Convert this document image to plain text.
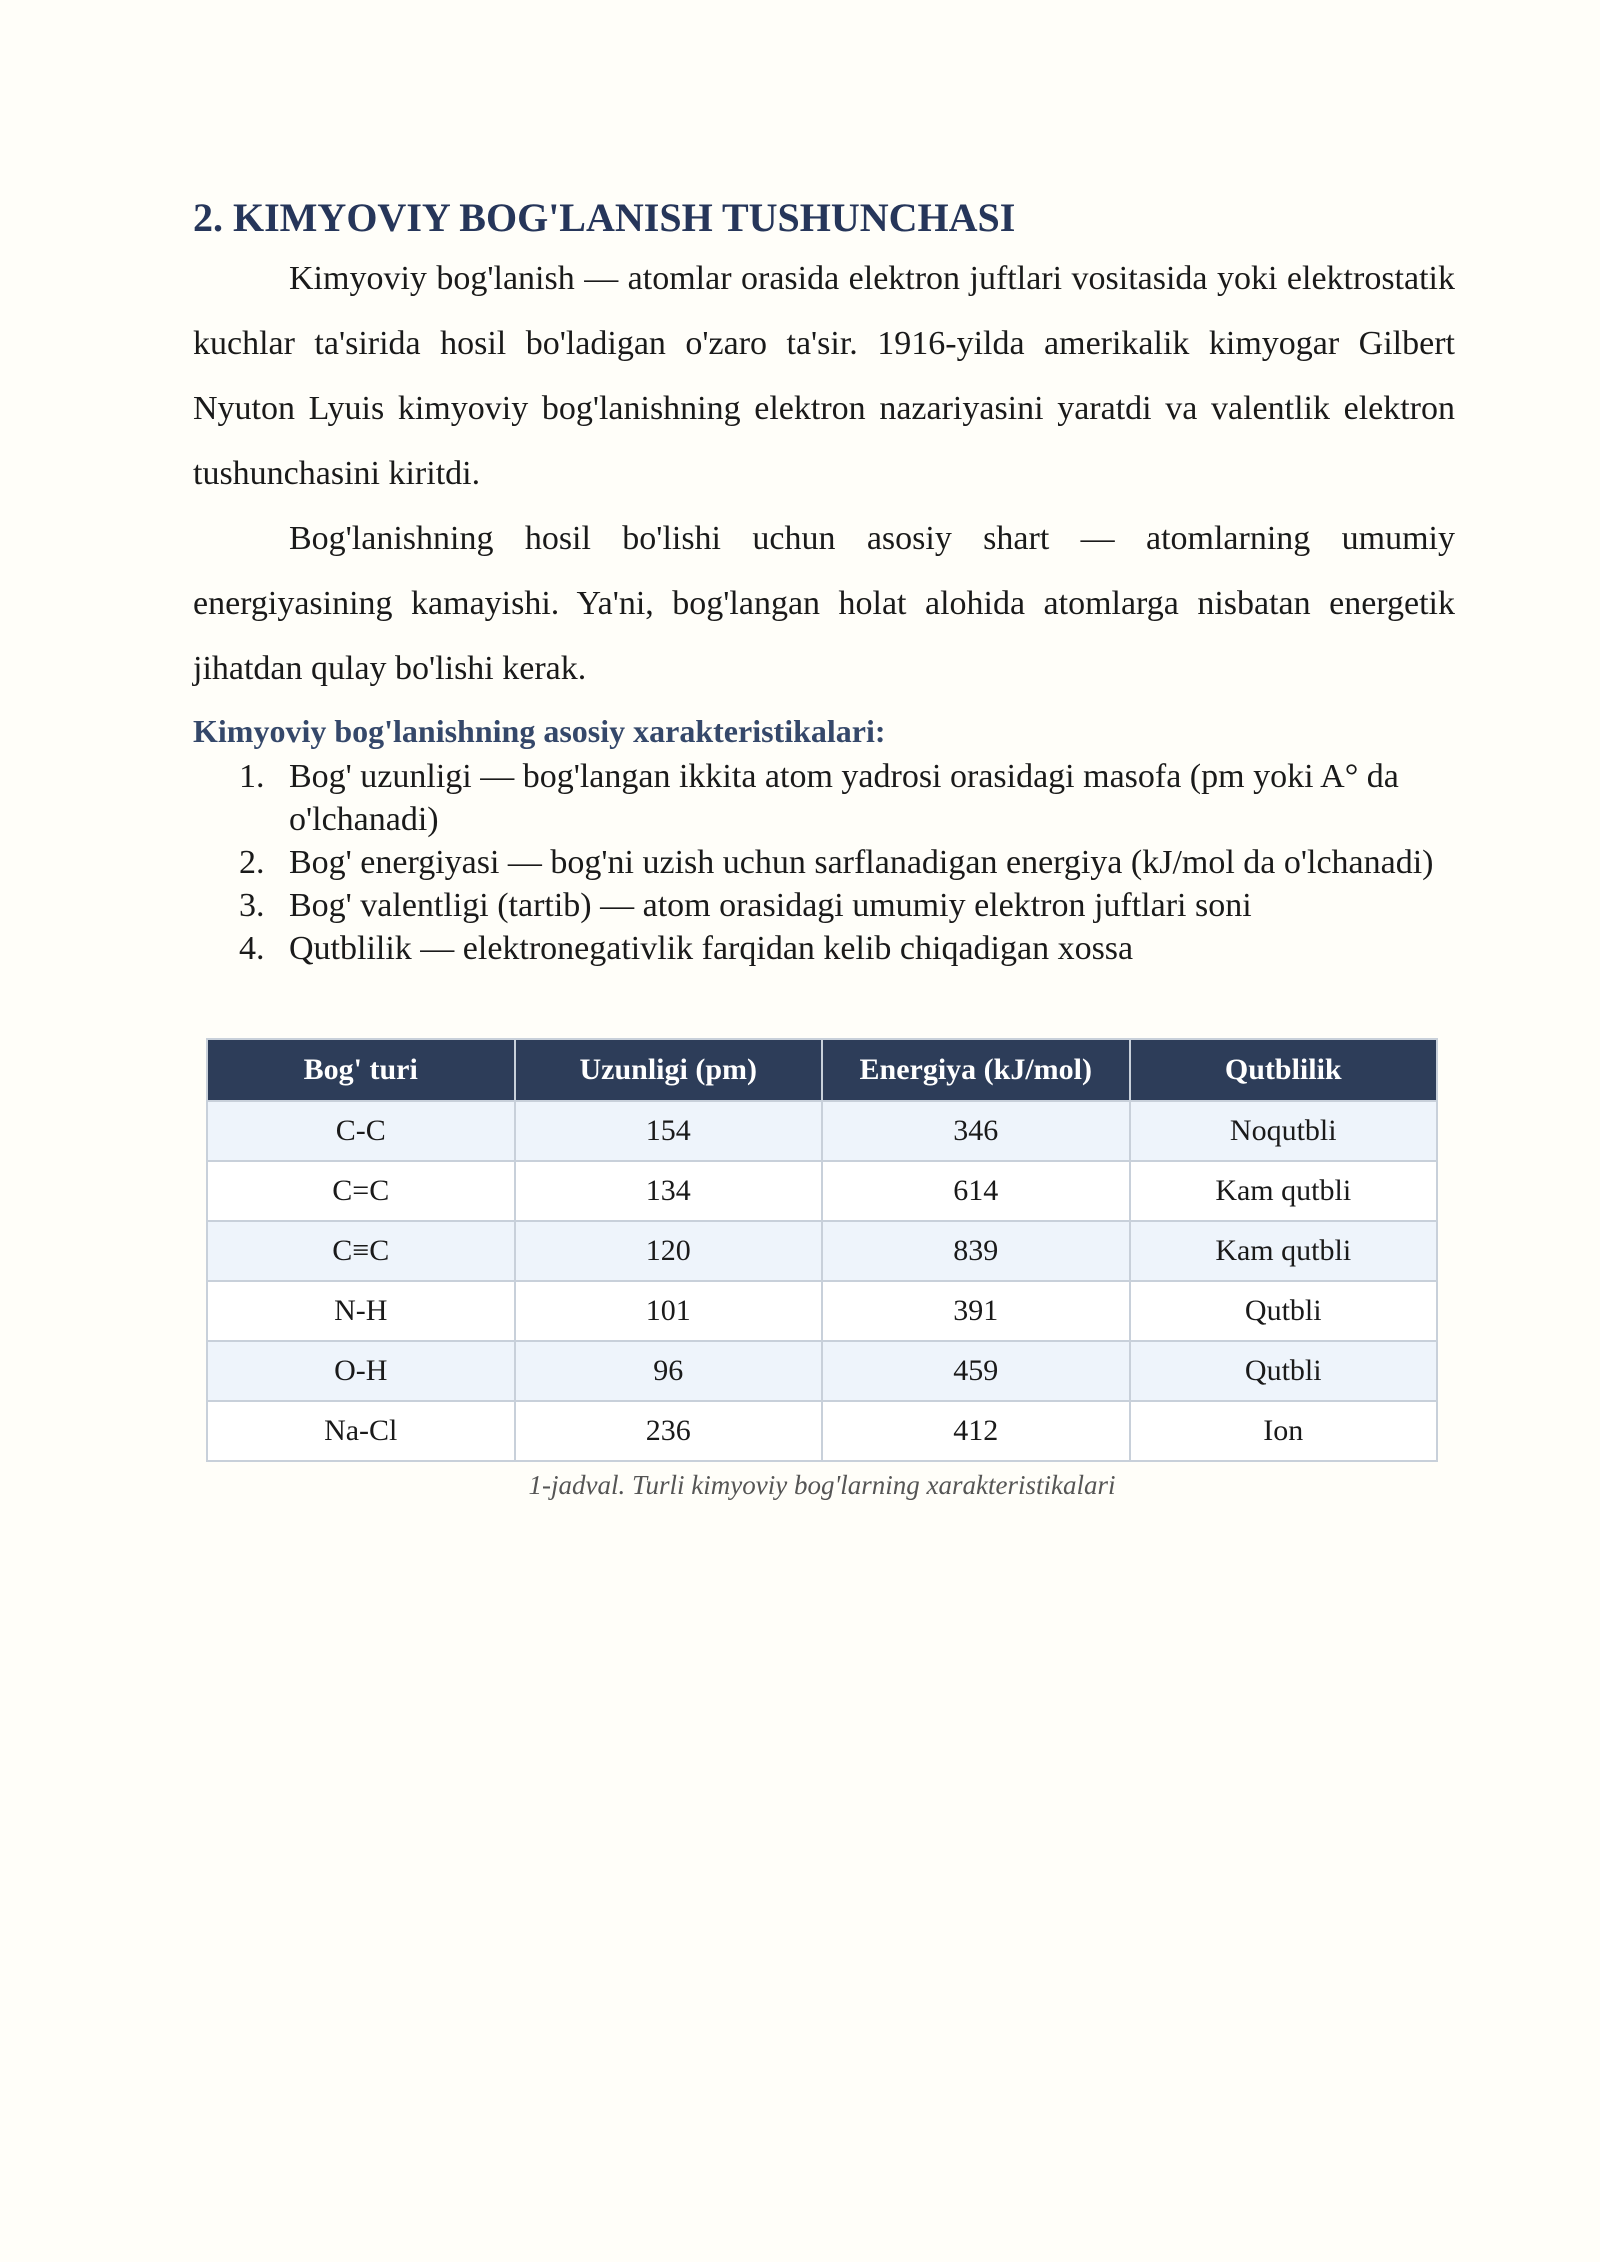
2. KIMYOVIY BOG'LANISH TUSHUNCHASI

Kimyoviy bog'lanish — atomlar orasida elektron juftlari vositasida yoki elektrostatik kuchlar ta'sirida hosil bo'ladigan o'zaro ta'sir. 1916-yilda amerikalik kimyogar Gilbert Nyuton Lyuis kimyoviy bog'lanishning elektron nazariyasini yaratdi va valentlik elektron tushunchasini kiritdi.

Bog'lanishning hosil bo'lishi uchun asosiy shart — atomlarning umumiy energiyasining kamayishi. Ya'ni, bog'langan holat alohida atomlarga nisbatan energetik jihatdan qulay bo'lishi kerak.

Kimyoviy bog'lanishning asosiy xarakteristikalari:
1. Bog' uzunligi — bog'langan ikkita atom yadrosi orasidagi masofa (pm yoki A° da o'lchanadi)
2. Bog' energiyasi — bog'ni uzish uchun sarflanadigan energiya (kJ/mol da o'lchanadi)
3. Bog' valentligi (tartib) — atom orasidagi umumiy elektron juftlari soni
4. Qutblilik — elektronegativlik farqidan kelib chiqadigan xossa
Bog' turi	Uzunligi (pm)	Energiya (kJ/mol)	Qutblilik
C-C	154	346	Noqutbli
C=C	134	614	Kam qutbli
C≡C	120	839	Kam qutbli
N-H	101	391	Qutbli
O-H	96	459	Qutbli
Na-Cl	236	412	Ion
1-jadval. Turli kimyoviy bog'larning xarakteristikalari
